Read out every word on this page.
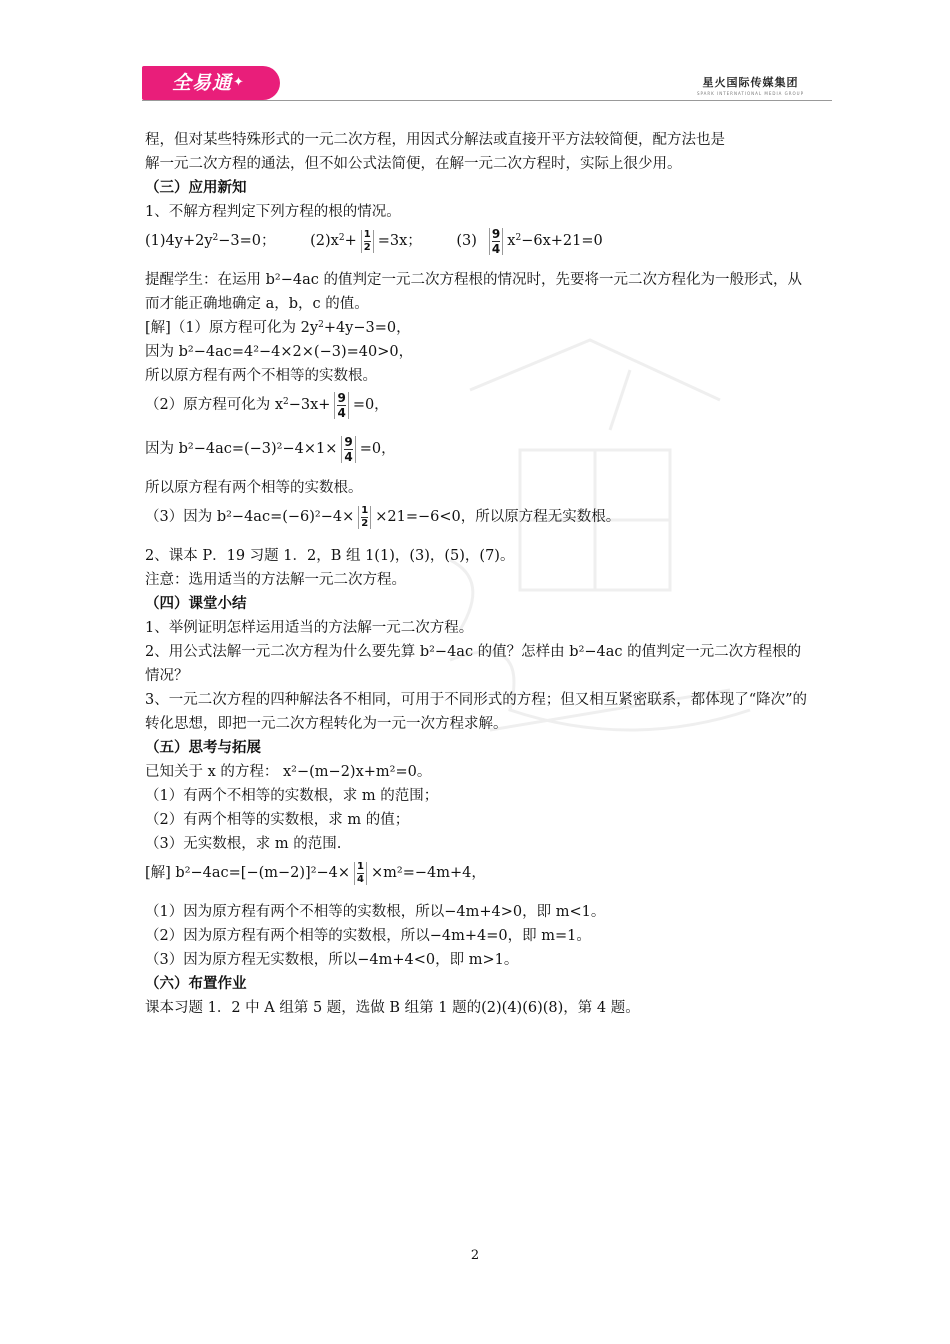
全易通✦	星火国际传媒集团
SPARK INTERNATIONAL MEDIA GROUP
程，但对某些特殊形式的一元二次方程，用因式分解法或直接开平方法较简便，配方法也是
解一元二次方程的通法，但不如公式法简便，在解一元二次方程时，实际上很少用。
（三）应用新知
1、不解方程判定下列方程的根的情况。
$(1)4y+2y^2-3=0$； $(2)x^2+ \frac{1}{2} =3x$； $(3) \frac{9}{4} x^2-6x+21=0$
提醒学生：在运用 b²−4ac 的值判定一元二次方程根的情况时，先要将一元二次方程化为一般形式，从而才能正确地确定 a，b，c 的值。
[解]（1）原方程可化为 $2y^2+4y-3=0$，
因为 b²−4ac=4²−4×2×(−3)=40>0，
所以原方程有两个不相等的实数根。
（2）原方程可化为 $x^2-3x+ \frac{9}{4} =0$，
因为 $b^2-4ac=(-3)^2-4\times 1\times \frac{9}{4} =0$，
所以原方程有两个相等的实数根。
（3）因为 $b^2-4ac=(-6)^2-4\times \frac{1}{2} \times 21=-6<0$，所以原方程无实数根。
2、课本 P．19 习题 1．2，B 组 1(1)，(3)，(5)，(7)。
注意：选用适当的方法解一元二次方程。
（四）课堂小结
1、举例证明怎样运用适当的方法解一元二次方程。
2、用公式法解一元二次方程为什么要先算 b²−4ac 的值？怎样由 b²−4ac 的值判定一元二次方程根的情况？
3、一元二次方程的四种解法各不相同，可用于不同形式的方程；但又相互紧密联系，都体现了“降次”的转化思想，即把一元二次方程转化为一元一次方程求解。
（五）思考与拓展
已知关于 x 的方程： x²−(m−2)x+m²=0。
（1）有两个不相等的实数根，求 m 的范围；
（2）有两个相等的实数根，求 m 的值；
（3）无实数根，求 m 的范围.
[解] $b^2-4ac=[-(m-2)]^2-4\times \frac{1}{4} \times m^2=-4m+4$，
（1）因为原方程有两个不相等的实数根，所以−4m+4>0，即 m<1。
（2）因为原方程有两个相等的实数根，所以−4m+4=0，即 m=1。
（3）因为原方程无实数根，所以−4m+4<0，即 m>1。
（六）布置作业
课本习题 1．2 中 A 组第 5 题，选做 B 组第 1 题的(2)(4)(6)(8)，第 4 题。
2
